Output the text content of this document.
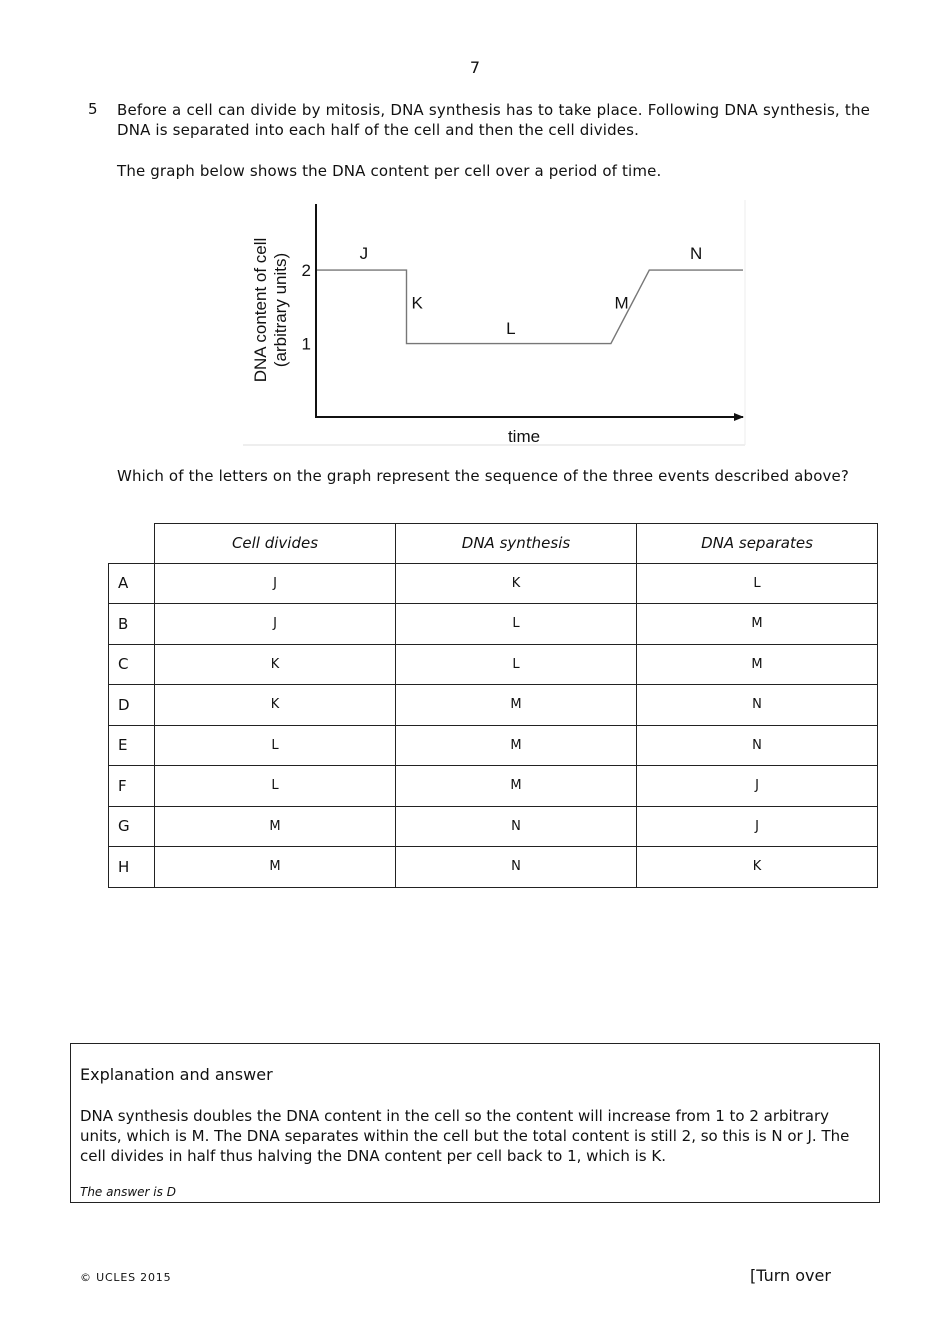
7
5 Before a cell can divide by mitosis, DNA synthesis has to take place. Following DNA synthesis, the DNA is separated into each half of the cell and then the cell divides.
The graph below shows the DNA content per cell over a period of time.
1
2
J
K
L
M
N
time
DNA content of cell (arbitrary units)
Which of the letters on the graph represent the sequence of the three events described above?
	Cell divides	DNA synthesis	DNA separates
A	J	K	L
B	J	L	M
C	K	L	M
D	K	M	N
E	L	M	N
F	L	M	J
G	M	N	J
H	M	N	K
Explanation and answer
DNA synthesis doubles the DNA content in the cell so the content will increase from 1 to 2 arbitrary units, which is M. The DNA separates within the cell but the total content is still 2, so this is N or J. The cell divides in half thus halving the DNA content per cell back to 1, which is K.
The answer is D
© UCLES 2015	[Turn over
